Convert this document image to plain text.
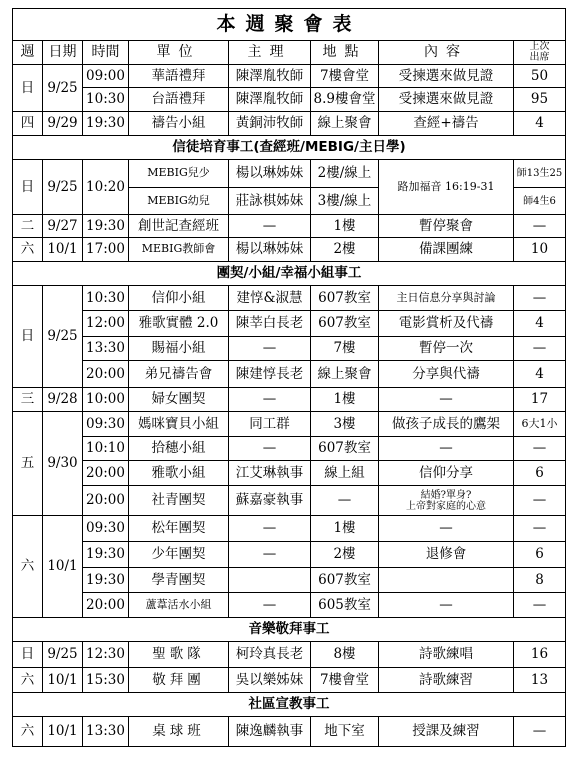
本週聚會表							
週	日期	時間	單位	主理	地點	內容	上次
出席
日	9/25	09:00	華語禮拜	陳澤胤牧師	7樓會堂	受揀選來做見證	50
		10:30	台語禮拜	陳澤胤牧師	8.9樓會堂	受揀選來做見證	95
四	9/29	19:30	禱告小組	黃銅沛牧師	線上聚會	查經+禱告	4
信徒培育事工(查經班/MEBIG/主日學)							
日	9/25	10:20	MEBIG兒少	楊以琳姊妹	2樓/線上	路加福音 16:19-31	師13生25
			MEBIG幼兒	莊詠棋姊妹	3樓/線上		師4生6
二	9/27	19:30	創世記查經班	—	1樓	暫停聚會	—
六	10/1	17:00	MEBIG教師會	楊以琳姊妹	2樓	備課團練	10
團契/小組/幸福小組事工							
日	9/25	10:30	信仰小組	建惇&淑慧	607教室	主日信息分享與討論	—
		12:00	雅歌實體 2.0	陳莘白長老	607教室	電影賞析及代禱	4
		13:30	賜福小組	—	7樓	暫停一次	—
		20:00	弟兄禱告會	陳建惇長老	線上聚會	分享與代禱	4
三	9/28	10:00	婦女團契	—	1樓	—	17
五	9/30	09:30	媽咪寶貝小組	同工群	3樓	做孩子成長的鷹架	6大1小
		10:10	拾穗小組	—	607教室	—	—
		20:00	雅歌小組	江艾琳執事	線上組	信仰分享	6
		20:00	社青團契	蘇嘉豪執事	—	結婚?單身?
上帝對家庭的心意	—
六	10/1	09:30	松年團契	—	1樓	—	—
		19:30	少年團契	—	2樓	退修會	6
		19:30	學青團契		607教室		8
		20:00	蘆葦活水小組	—	605教室	—	—
音樂敬拜事工							
日	9/25	12:30	聖歌隊	柯玲真長老	8樓	詩歌練唱	16
六	10/1	15:30	敬拜團	吳以樂姊妹	7樓會堂	詩歌練習	13
社區宣教事工							
六	10/1	13:30	桌球班	陳逸麟執事	地下室	授課及練習	—
